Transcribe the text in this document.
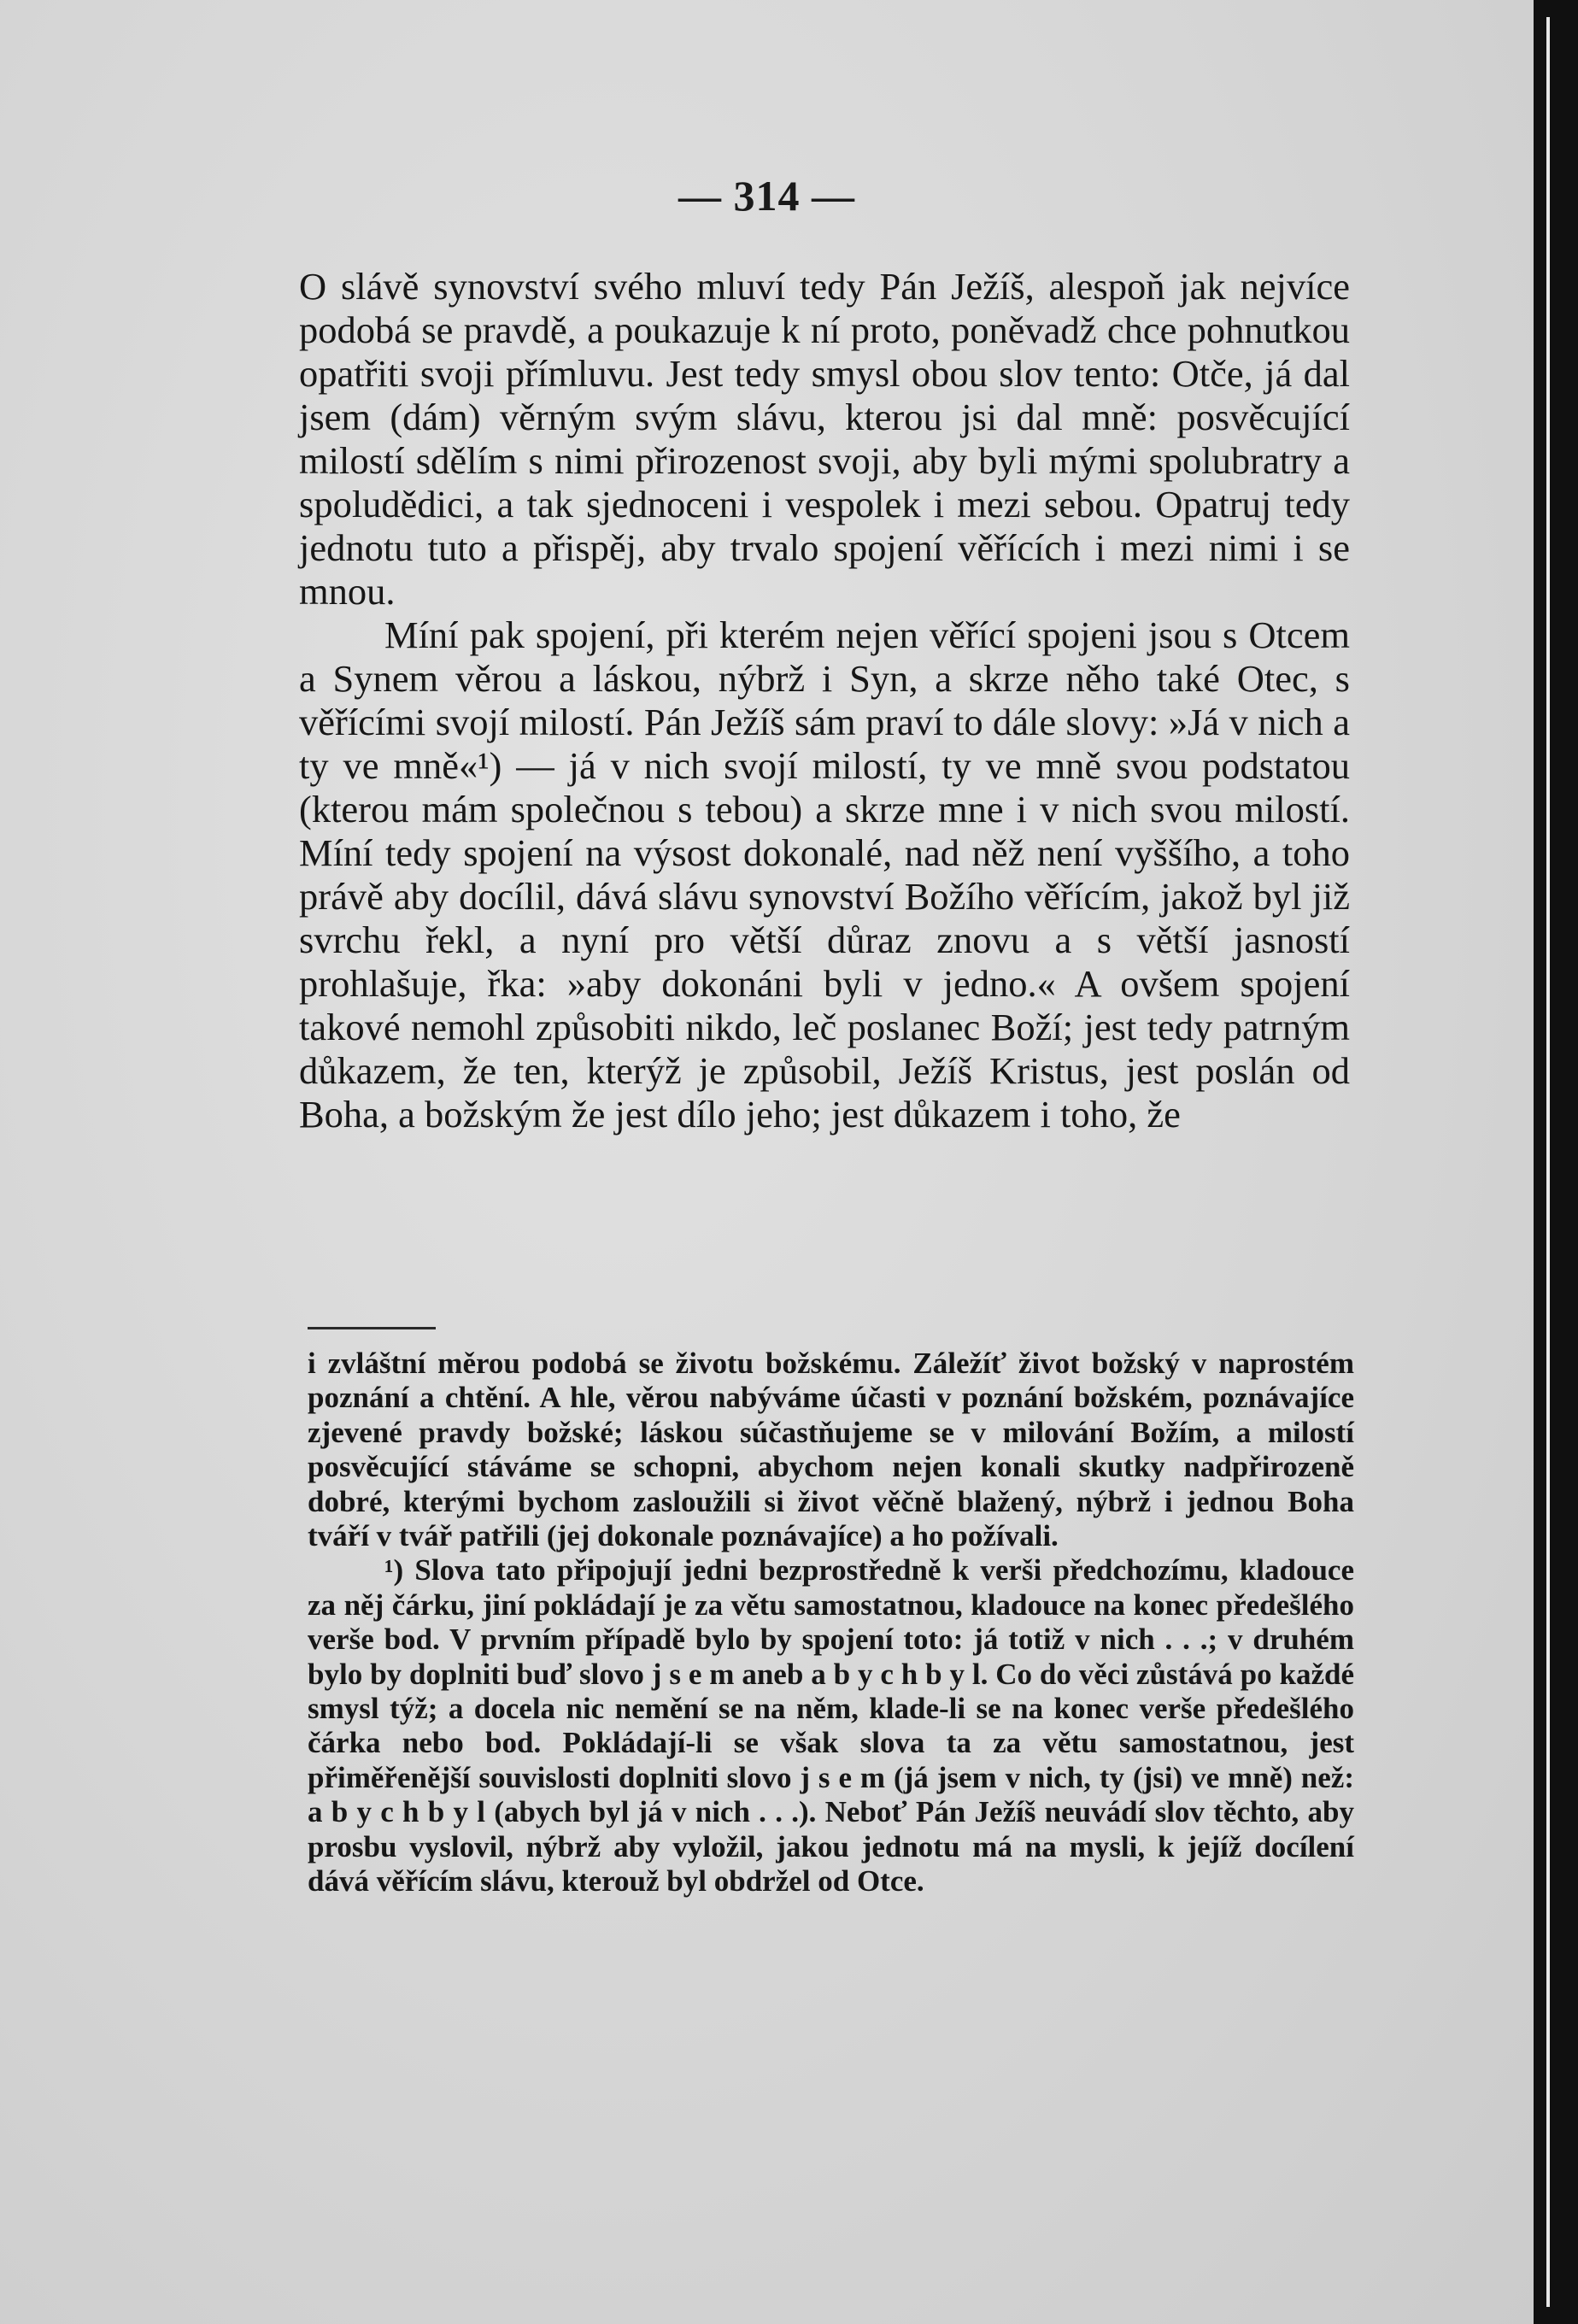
— 314 —

O slávě synovství svého mluví tedy Pán Ježíš, alespoň jak nejvíce podobá se pravdě, a poukazuje k ní proto, poněvadž chce pohnutkou opatřiti svoji přímluvu. Jest tedy smysl obou slov tento: Otče, já dal jsem (dám) věrným svým slávu, kterou jsi dal mně: posvěcující milostí sdělím s nimi přirozenost svoji, aby byli mými spolubratry a spoludědici, a tak sjednoceni i vespolek i mezi sebou. Opatruj tedy jednotu tuto a přispěj, aby trvalo spojení věřících i mezi nimi i se mnou.

Míní pak spojení, při kterém nejen věřící spojeni jsou s Otcem a Synem věrou a láskou, nýbrž i Syn, a skrze něho také Otec, s věřícími svojí milostí. Pán Ježíš sám praví to dále slovy: »Já v nich a ty ve mně«¹) — já v nich svojí milostí, ty ve mně svou podstatou (kterou mám společnou s tebou) a skrze mne i v nich svou milostí. Míní tedy spojení na výsost dokonalé, nad něž není vyššího, a toho právě aby docílil, dává slávu synovství Božího věřícím, jakož byl již svrchu řekl, a nyní pro větší důraz znovu a s větší jasností prohlašuje, řka: »aby dokonáni byli v jedno.« A ovšem spojení takové nemohl způsobiti nikdo, leč poslanec Boží; jest tedy patrným důkazem, že ten, kterýž je způsobil, Ježíš Kristus, jest poslán od Boha, a božským že jest dílo jeho; jest důkazem i toho, že

i zvláštní měrou podobá se životu božskému. Záležíť život božský v naprostém poznání a chtění. A hle, věrou nabýváme účasti v poznání božském, poznávajíce zjevené pravdy božské; láskou súčastňujeme se v milování Božím, a milostí posvěcující stáváme se schopni, abychom nejen konali skutky nadpřirozeně dobré, kterými bychom zasloužili si život věčně blažený, nýbrž i jednou Boha tváří v tvář patřili (jej dokonale poznávajíce) a ho požívali.

¹) Slova tato připojují jedni bezprostředně k verši předchozímu, kladouce za něj čárku, jiní pokládají je za větu samostatnou, kladouce na konec předešlého verše bod. V prvním případě bylo by spojení toto: já totiž v nich . . .; v druhém bylo by doplniti buď slovo j s e m aneb a b y c h b y l. Co do věci zůstává po každé smysl týž; a docela nic nemění se na něm, klade-li se na konec verše předešlého čárka nebo bod. Pokládají-li se však slova ta za větu samostatnou, jest přiměřenější souvislosti doplniti slovo j s e m (já jsem v nich, ty (jsi) ve mně) než: a b y c h b y l (abych byl já v nich . . .). Neboť Pán Ježíš neuvádí slov těchto, aby prosbu vyslovil, nýbrž aby vyložil, jakou jednotu má na mysli, k jejíž docílení dává věřícím slávu, kterouž byl obdržel od Otce.
